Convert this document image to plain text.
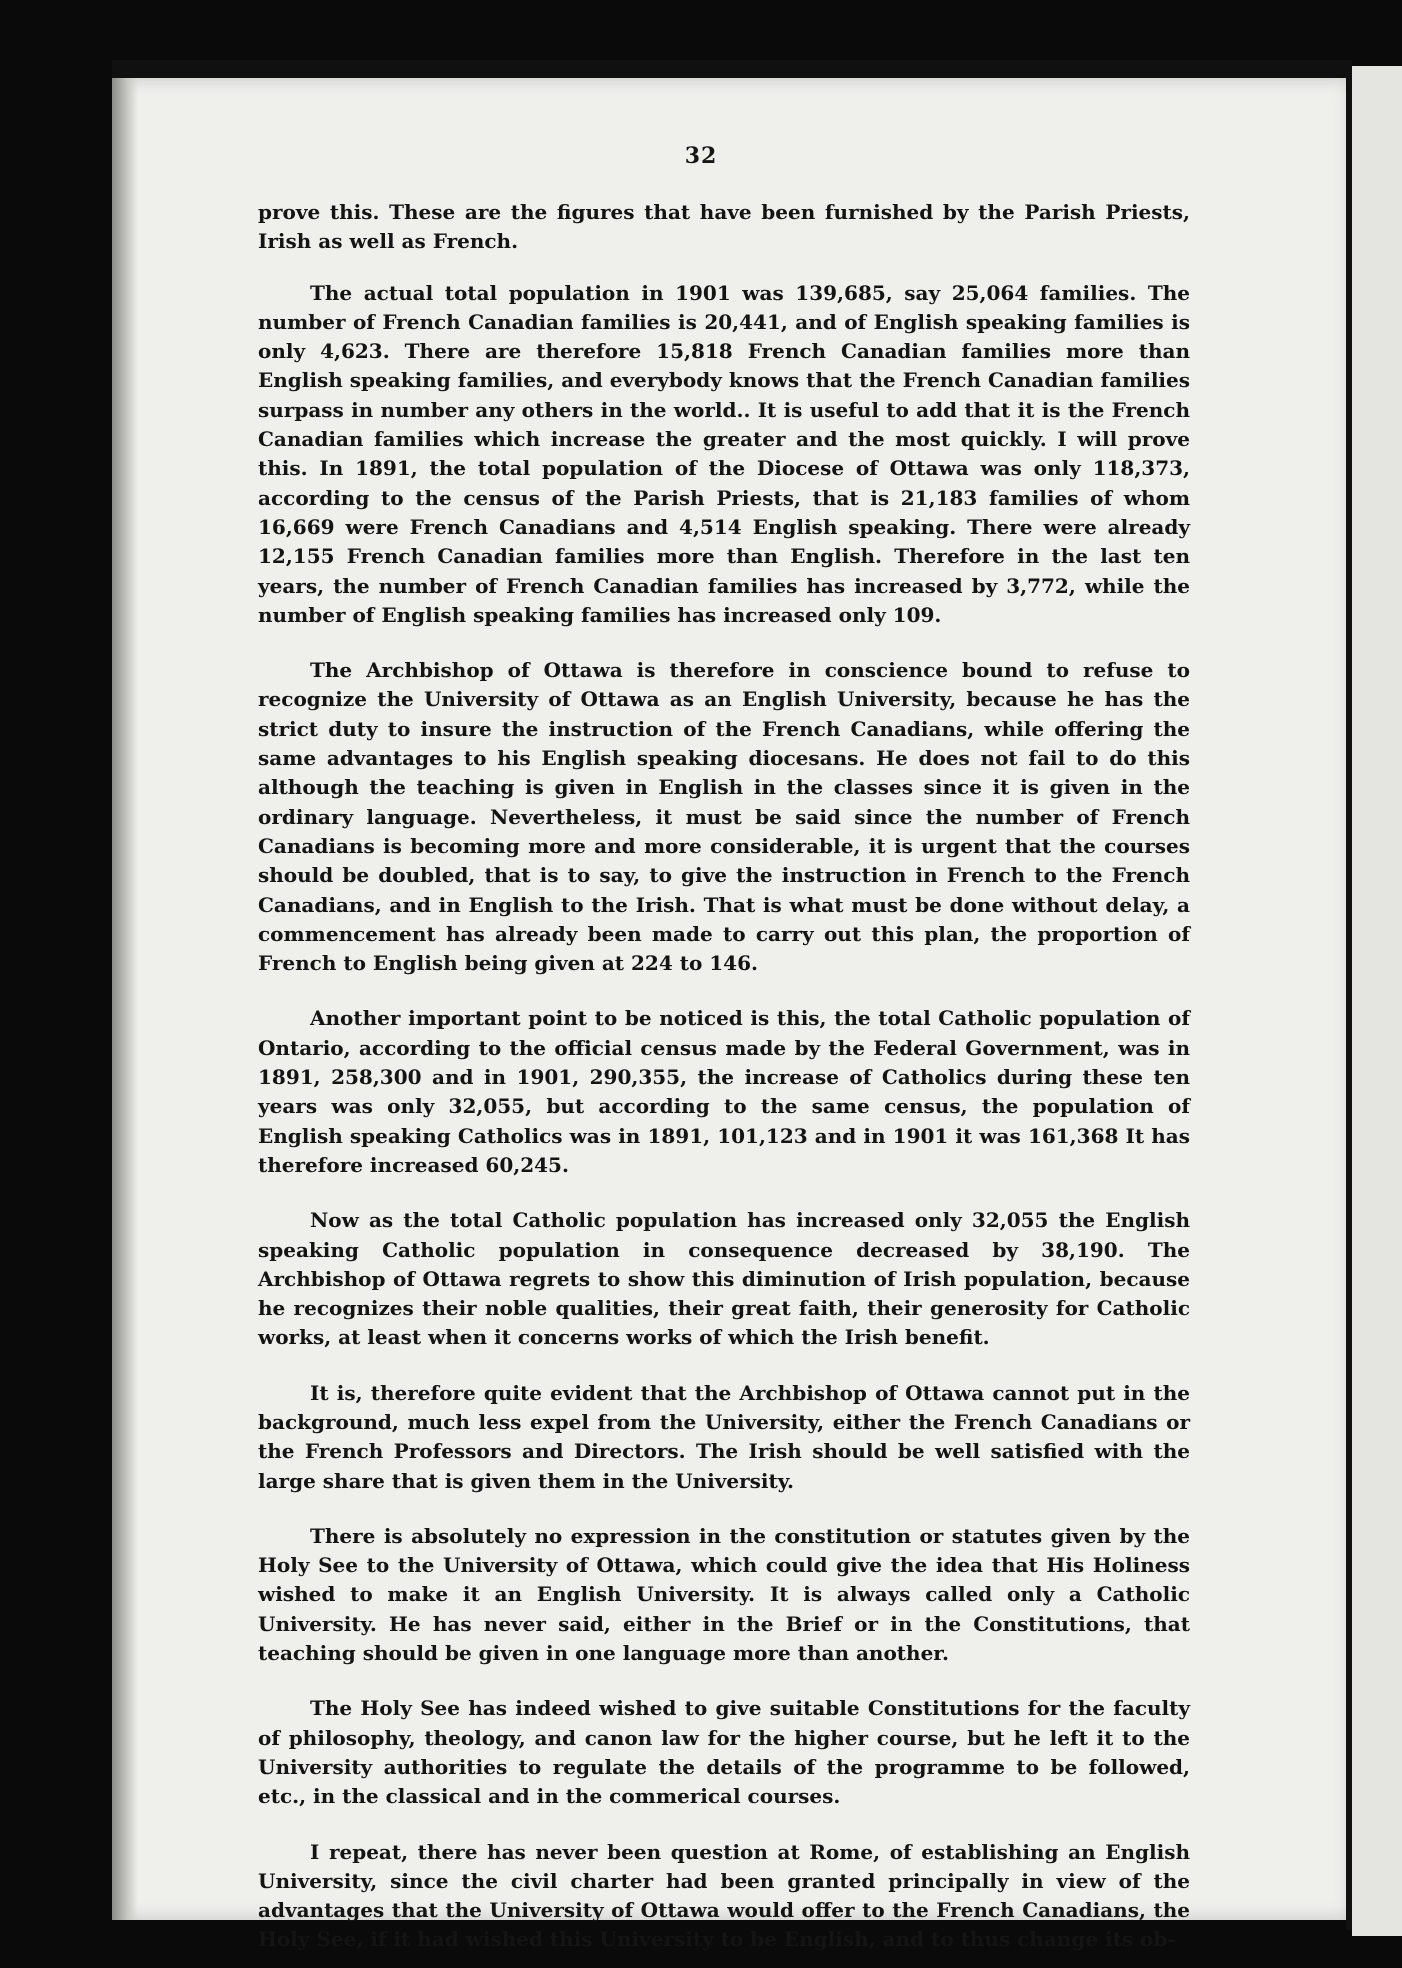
32

prove this. These are the figures that have been furnished by the Parish Priests, Irish as well as French.

The actual total population in 1901 was 139,685, say 25,064 families. The number of French Canadian families is 20,441, and of English speaking families is only 4,623. There are therefore 15,818 French Canadian families more than English speaking families, and everybody knows that the French Canadian families surpass in number any others in the world.. It is useful to add that it is the French Canadian families which increase the greater and the most quickly. I will prove this. In 1891, the total population of the Diocese of Ottawa was only 118,373, according to the census of the Parish Priests, that is 21,183 families of whom 16,669 were French Canadians and 4,514 English speaking. There were already 12,155 French Canadian families more than English. Therefore in the last ten years, the number of French Canadian families has increased by 3,772, while the number of English speaking families has increased only 109.

The Archbishop of Ottawa is therefore in conscience bound to refuse to recognize the University of Ottawa as an English University, because he has the strict duty to insure the instruction of the French Canadians, while offering the same advantages to his English speaking diocesans. He does not fail to do this although the teaching is given in English in the classes since it is given in the ordinary language. Nevertheless, it must be said since the number of French Canadians is becoming more and more considerable, it is urgent that the courses should be doubled, that is to say, to give the instruction in French to the French Canadians, and in English to the Irish. That is what must be done without delay, a commencement has already been made to carry out this plan, the proportion of French to English being given at 224 to 146.

Another important point to be noticed is this, the total Catholic population of Ontario, according to the official census made by the Federal Government, was in 1891, 258,300 and in 1901, 290,355, the increase of Catholics during these ten years was only 32,055, but according to the same census, the population of English speaking Catholics was in 1891, 101,123 and in 1901 it was 161,368 It has therefore increased 60,245.

Now as the total Catholic population has increased only 32,055 the English speaking Catholic population in consequence decreased by 38,190. The Archbishop of Ottawa regrets to show this diminution of Irish population, because he recognizes their noble qualities, their great faith, their generosity for Catholic works, at least when it concerns works of which the Irish benefit.

It is, therefore quite evident that the Archbishop of Ottawa cannot put in the background, much less expel from the University, either the French Canadians or the French Professors and Directors. The Irish should be well satisfied with the large share that is given them in the University.

There is absolutely no expression in the constitution or statutes given by the Holy See to the University of Ottawa, which could give the idea that His Holiness wished to make it an English University. It is always called only a Catholic University. He has never said, either in the Brief or in the Constitutions, that teaching should be given in one language more than another.

The Holy See has indeed wished to give suitable Constitutions for the faculty of philosophy, theology, and canon law for the higher course, but he left it to the University authorities to regulate the details of the programme to be followed, etc., in the classical and in the commerical courses.

I repeat, there has never been question at Rome, of establishing an English University, since the civil charter had been granted principally in view of the advantages that the University of Ottawa would offer to the French Canadians, the Holy See, if it had wished this University to be English, and to thus change its ob-
